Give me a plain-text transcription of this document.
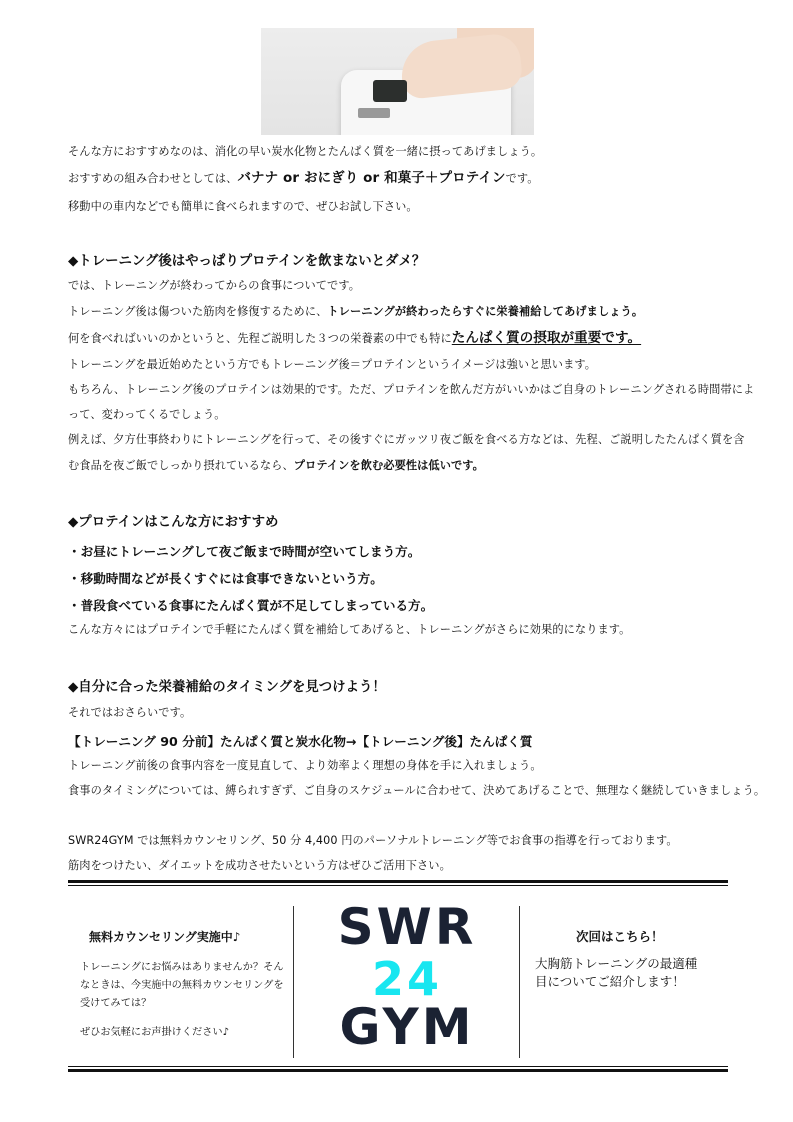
そんな方におすすめなのは、消化の早い炭水化物とたんぱく質を一緒に摂ってあげましょう。
おすすめの組み合わせとしては、バナナ or おにぎり or 和菓子＋プロテインです。
移動中の車内などでも簡単に食べられますので、ぜひお試し下さい。
◆トレーニング後はやっぱりプロテインを飲まないとダメ？
では、トレーニングが終わってからの食事についてです。
トレーニング後は傷ついた筋肉を修復するために、トレーニングが終わったらすぐに栄養補給してあげましょう。
何を食べればいいのかというと、先程ご説明した３つの栄養素の中でも特にたんぱく質の摂取が重要です。
トレーニングを最近始めたという方でもトレーニング後＝プロテインというイメージは強いと思います。
もちろん、トレーニング後のプロテインは効果的です。ただ、プロテインを飲んだ方がいいかはご自身のトレーニングされる時間帯によ
って、変わってくるでしょう。
例えば、夕方仕事終わりにトレーニングを行って、その後すぐにガッツリ夜ご飯を食べる方などは、先程、ご説明したたんぱく質を含
む食品を夜ご飯でしっかり摂れているなら、プロテインを飲む必要性は低いです。
◆プロテインはこんな方におすすめ
・お昼にトレーニングして夜ご飯まで時間が空いてしまう方。
・移動時間などが長くすぐには食事できないという方。
・普段食べている食事にたんぱく質が不足してしまっている方。
こんな方々にはプロテインで手軽にたんぱく質を補給してあげると、トレーニングがさらに効果的になります。
◆自分に合った栄養補給のタイミングを見つけよう！
それではおさらいです。
【トレーニング 90 分前】たんぱく質と炭水化物→【トレーニング後】たんぱく質
トレーニング前後の食事内容を一度見直して、より効率よく理想の身体を手に入れましょう。
食事のタイミングについては、縛られすぎず、ご自身のスケジュールに合わせて、決めてあげることで、無理なく継続していきましょう。
SWR24GYM では無料カウンセリング、50 分 4,400 円のパーソナルトレーニング等でお食事の指導を行っております。
筋肉をつけたい、ダイエットを成功させたいという方はぜひご活用下さい。
無料カウンセリング実施中♪
トレーニングにお悩みはありませんか？そん
なときは、今実施中の無料カウンセリングを
受けてみては？
ぜひお気軽にお声掛けください♪
SWR
24
GYM
次回はこちら！
大胸筋トレーニングの最適種
目についてご紹介します！
